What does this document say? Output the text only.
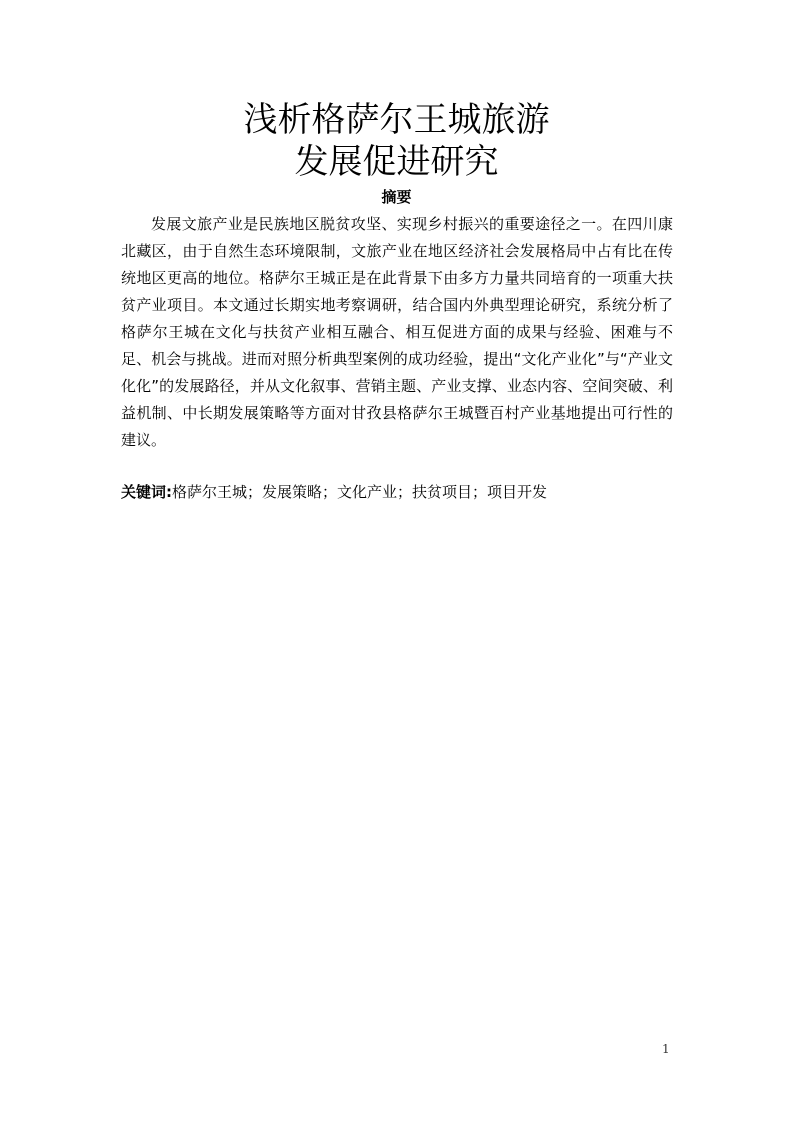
浅析格萨尔王城旅游
发展促进研究
摘要

发展文旅产业是民族地区脱贫攻坚、实现乡村振兴的重要途径之一。在四川康北藏区，由于自然生态环境限制，文旅产业在地区经济社会发展格局中占有比在传统地区更高的地位。格萨尔王城正是在此背景下由多方力量共同培育的一项重大扶贫产业项目。本文通过长期实地考察调研，结合国内外典型理论研究，系统分析了格萨尔王城在文化与扶贫产业相互融合、相互促进方面的成果与经验、困难与不足、机会与挑战。进而对照分析典型案例的成功经验，提出“文化产业化”与“产业文化化”的发展路径，并从文化叙事、营销主题、产业支撑、业态内容、空间突破、利益机制、中长期发展策略等方面对甘孜县格萨尔王城暨百村产业基地提出可行性的建议。

关键词:格萨尔王城；发展策略；文化产业；扶贫项目；项目开发

1
